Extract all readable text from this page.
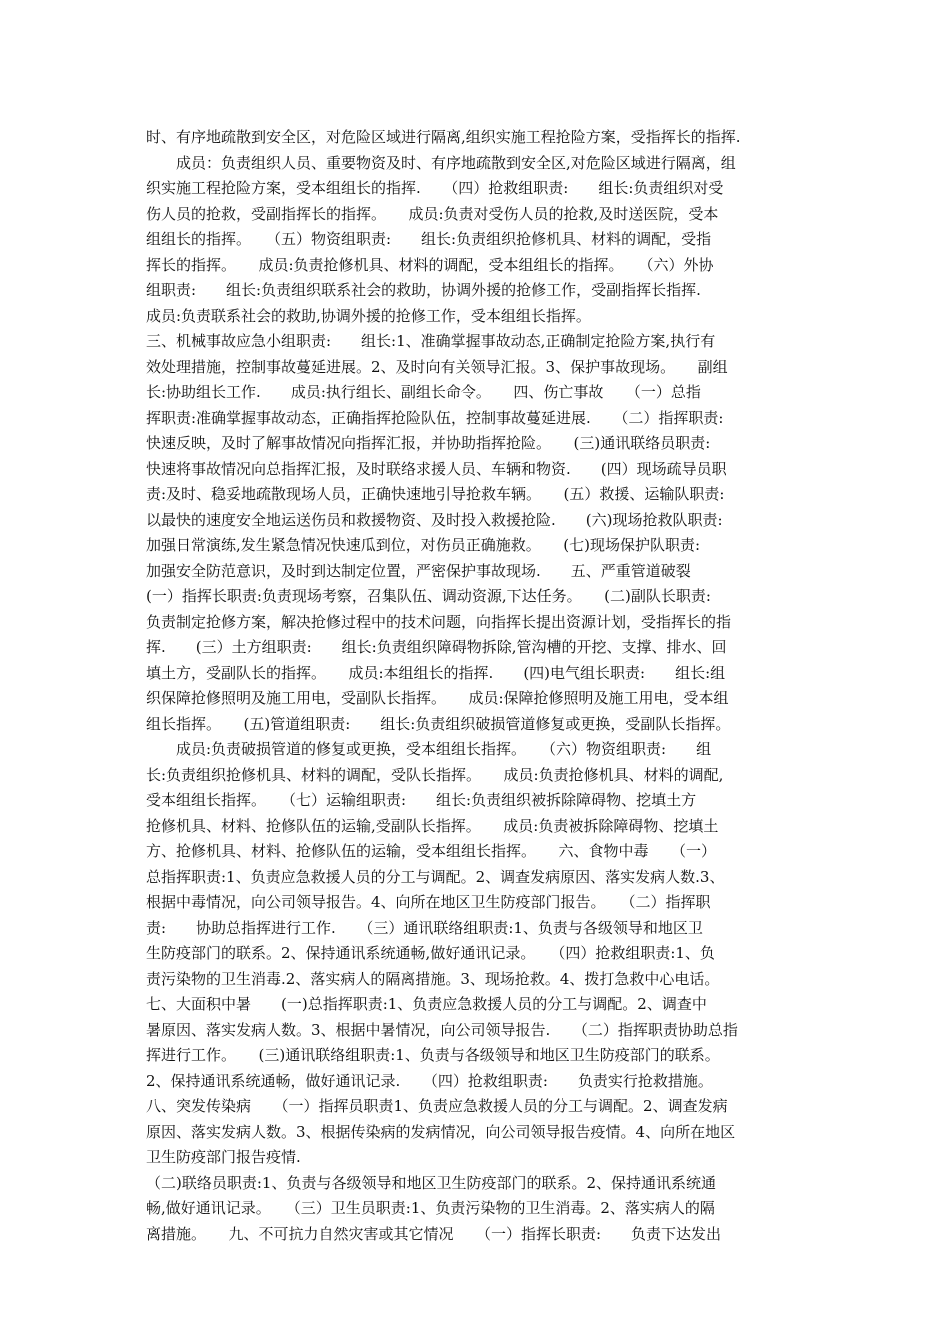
时、有序地疏散到安全区，对危险区域进行隔离,组织实施工程抢险方案，受指挥长的指挥.
　　成员：负责组织人员、重要物资及时、有序地疏散到安全区,对危险区域进行隔离，组
织实施工程抢险方案，受本组组长的指挥.　　（四）抢救组职责:　　组长:负责组织对受
伤人员的抢救，受副指挥长的指挥。　　成员:负责对受伤人员的抢救,及时送医院，受本
组组长的指挥。　　（五）物资组职责:　　组长:负责组织抢修机具、材料的调配，受指
挥长的指挥。　　成员:负责抢修机具、材料的调配，受本组组长的指挥。　　（六）外协
组职责:　　组长:负责组织联系社会的救助，协调外援的抢修工作，受副指挥长指挥.
成员:负责联系社会的救助,协调外援的抢修工作，受本组组长指挥。
三、机械事故应急小组职责:　　组长:1、准确掌握事故动态,正确制定抢险方案,执行有
效处理措施，控制事故蔓延进展。2、及时向有关领导汇报。3、保护事故现场。　　副组
长:协助组长工作.　　成员:执行组长、副组长命令。　　四、伤亡事故　　（一）总指
挥职责:准确掌握事故动态，正确指挥抢险队伍，控制事故蔓延进展.　　（二）指挥职责:
快速反映，及时了解事故情况向指挥汇报，并协助指挥抢险。　　(三)通讯联络员职责:
快速将事故情况向总指挥汇报，及时联络求援人员、车辆和物资.　　(四）现场疏导员职
责:及时、稳妥地疏散现场人员，正确快速地引导抢救车辆。　　(五）救援、运输队职责:
以最快的速度安全地运送伤员和救援物资、及时投入救援抢险.　　(六)现场抢救队职责:
加强日常演练,发生紧急情况快速瓜到位，对伤员正确施救。　　(七)现场保护队职责:
加强安全防范意识，及时到达制定位置，严密保护事故现场.　　五、严重管道破裂
(一）指挥长职责:负责现场考察，召集队伍、调动资源,下达任务。　　(二)副队长职责:
负责制定抢修方案，解决抢修过程中的技术问题，向指挥长提出资源计划，受指挥长的指
挥.　　(三）土方组职责:　　组长:负责组织障碍物拆除,管沟槽的开挖、支撑、排水、回
填土方，受副队长的指挥。　　成员:本组组长的指挥.　　(四)电气组长职责:　　组长:组
织保障抢修照明及施工用电，受副队长指挥。　　成员:保障抢修照明及施工用电，受本组
组长指挥。　　(五)管道组职责:　　组长:负责组织破损管道修复或更换，受副队长指挥。
　　成员:负责破损管道的修复或更换，受本组组长指挥。　　（六）物资组职责:　　组
长:负责组织抢修机具、材料的调配，受队长指挥。　　成员:负责抢修机具、材料的调配,
受本组组长指挥。　　（七）运输组职责:　　组长:负责组织被拆除障碍物、挖填土方
抢修机具、材料、抢修队伍的运输,受副队长指挥。　　成员:负责被拆除障碍物、挖填土
方、抢修机具、材料、抢修队伍的运输，受本组组长指挥。　　六、食物中毒　　（一）
总指挥职责:1、负责应急救援人员的分工与调配。2、调查发病原因、落实发病人数.3、
根据中毒情况，向公司领导报告。4、向所在地区卫生防疫部门报告。　　（二）指挥职
责:　　协助总指挥进行工作.　　（三）通讯联络组职责:1、负责与各级领导和地区卫
生防疫部门的联系。2、保持通讯系统通畅,做好通讯记录。　　（四）抢救组职责:1、负
责污染物的卫生消毒.2、落实病人的隔离措施。3、现场抢救。4、拨打急救中心电话。
七、大面积中暑　　(一)总指挥职责:1、负责应急救援人员的分工与调配。2、调查中
暑原因、落实发病人数。3、根据中暑情况，向公司领导报告.　　（二）指挥职责协助总指
挥进行工作。　　(三)通讯联络组职责:1、负责与各级领导和地区卫生防疫部门的联系。
2、保持通讯系统通畅，做好通讯记录.　　（四）抢救组职责:　　负责实行抢救措施。
八、突发传染病　　（一）指挥员职责1、负责应急救援人员的分工与调配。2、调查发病
原因、落实发病人数。3、根据传染病的发病情况，向公司领导报告疫情。4、向所在地区
卫生防疫部门报告疫情.
（二)联络员职责:1、负责与各级领导和地区卫生防疫部门的联系。2、保持通讯系统通
畅,做好通讯记录。　　（三）卫生员职责:1、负责污染物的卫生消毒。2、落实病人的隔
离措施。　　九、不可抗力自然灾害或其它情况　　（一）指挥长职责:　　负责下达发出
